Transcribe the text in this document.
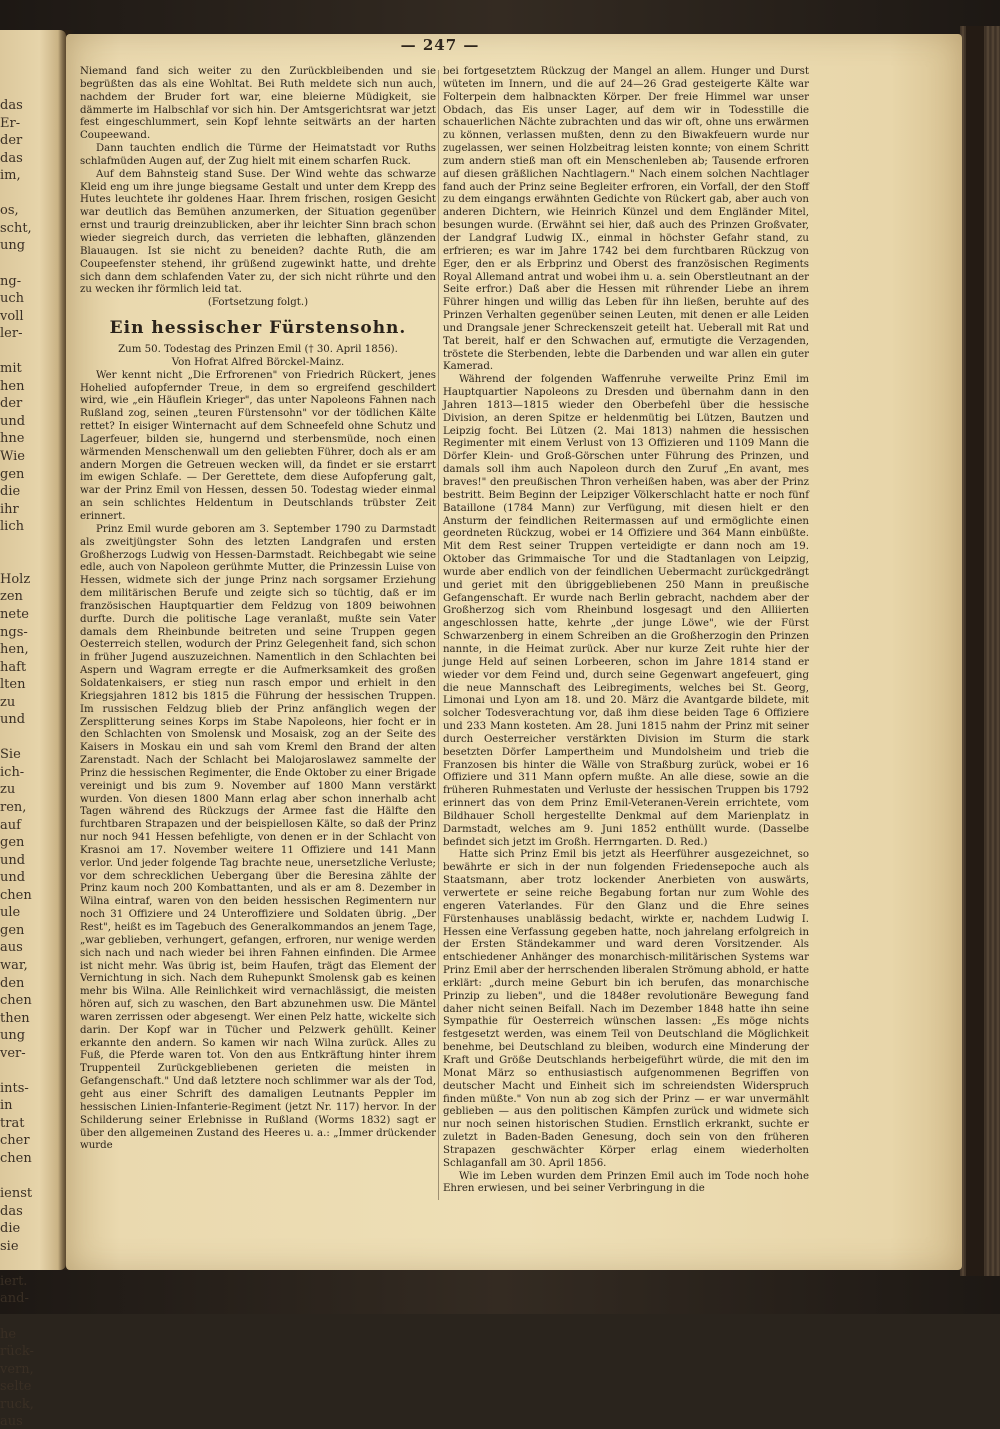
das
Er-
der
das
im,
os,
scht,
ung
ng-
uch
voll
ler-
mit
hen
der
und
hne
Wie
gen
die
ihr
lich
Holz
zen
nete
ngs-
hen,
haft
lten
zu
und
Sie
ich-
zu
ren,
auf
gen
und
und
chen
ule
gen
aus
war,
den
chen
then
ung
ver-
ints-
in
trat
cher
chen
ienst
das
die
sie
iert.
and-
he
rück-
vern,
selte
ruck,
aus
— 247 —

Niemand fand sich weiter zu den Zurückbleibenden und sie begrüßten das als eine Wohltat. Bei Ruth meldete sich nun auch, nachdem der Bruder fort war, eine bleierne Müdigkeit, sie dämmerte im Halbschlaf vor sich hin. Der Amtsgerichtsrat war jetzt fest eingeschlummert, sein Kopf lehnte seitwärts an der harten Coupeewand.

Dann tauchten endlich die Türme der Heimatstadt vor Ruths schlafmüden Augen auf, der Zug hielt mit einem scharfen Ruck.

Auf dem Bahnsteig stand Suse. Der Wind wehte das schwarze Kleid eng um ihre junge biegsame Gestalt und unter dem Krepp des Hutes leuchtete ihr goldenes Haar. Ihrem frischen, rosigen Gesicht war deutlich das Bemühen anzumerken, der Situation gegenüber ernst und traurig dreinzublicken, aber ihr leichter Sinn brach schon wieder siegreich durch, das verrieten die lebhaften, glänzenden Blauaugen. Ist sie nicht zu beneiden? dachte Ruth, die am Coupeefenster stehend, ihr grüßend zugewinkt hatte, und drehte sich dann dem schlafenden Vater zu, der sich nicht rührte und den zu wecken ihr förmlich leid tat.

(Fortsetzung folgt.)

Ein hessischer Fürstensohn.

Zum 50. Todestag des Prinzen Emil († 30. April 1856).

Von Hofrat Alfred Börckel-Mainz.

Wer kennt nicht „Die Erfrorenen" von Friedrich Rückert, jenes Hohelied aufopfernder Treue, in dem so ergreifend geschildert wird, wie „ein Häuflein Krieger", das unter Napoleons Fahnen nach Rußland zog, seinen „teuren Fürstensohn" vor der tödlichen Kälte rettet? In eisiger Winternacht auf dem Schneefeld ohne Schutz und Lagerfeuer, bilden sie, hungernd und sterbensmüde, noch einen wärmenden Menschenwall um den geliebten Führer, doch als er am andern Morgen die Getreuen wecken will, da findet er sie erstarrt im ewigen Schlafe. — Der Gerettete, dem diese Aufopferung galt, war der Prinz Emil von Hessen, dessen 50. Todestag wieder einmal an sein schlichtes Heldentum in Deutschlands trübster Zeit erinnert.

Prinz Emil wurde geboren am 3. September 1790 zu Darmstadt als zweitjüngster Sohn des letzten Landgrafen und ersten Großherzogs Ludwig von Hessen-Darmstadt. Reichbegabt wie seine edle, auch von Napoleon gerühmte Mutter, die Prinzessin Luise von Hessen, widmete sich der junge Prinz nach sorgsamer Erziehung dem militärischen Berufe und zeigte sich so tüchtig, daß er im französischen Hauptquartier dem Feldzug von 1809 beiwohnen durfte. Durch die politische Lage veranlaßt, mußte sein Vater damals dem Rheinbunde beitreten und seine Truppen gegen Oesterreich stellen, wodurch der Prinz Gelegenheit fand, sich schon in früher Jugend auszuzeichnen. Namentlich in den Schlachten bei Aspern und Wagram erregte er die Aufmerksamkeit des großen Soldatenkaisers, er stieg nun rasch empor und erhielt in den Kriegsjahren 1812 bis 1815 die Führung der hessischen Truppen. Im russischen Feldzug blieb der Prinz anfänglich wegen der Zersplitterung seines Korps im Stabe Napoleons, hier focht er in den Schlachten von Smolensk und Mosaisk, zog an der Seite des Kaisers in Moskau ein und sah vom Kreml den Brand der alten Zarenstadt. Nach der Schlacht bei Malojaroslawez sammelte der Prinz die hessischen Regimenter, die Ende Oktober zu einer Brigade vereinigt und bis zum 9. November auf 1800 Mann verstärkt wurden. Von diesen 1800 Mann erlag aber schon innerhalb acht Tagen während des Rückzugs der Armee fast die Hälfte den furchtbaren Strapazen und der beispiellosen Kälte, so daß der Prinz nur noch 941 Hessen befehligte, von denen er in der Schlacht von Krasnoi am 17. November weitere 11 Offiziere und 141 Mann verlor. Und jeder folgende Tag brachte neue, unersetzliche Verluste; vor dem schrecklichen Uebergang über die Beresina zählte der Prinz kaum noch 200 Kombattanten, und als er am 8. Dezember in Wilna eintraf, waren von den beiden hessischen Regimentern nur noch 31 Offiziere und 24 Unteroffiziere und Soldaten übrig. „Der Rest", heißt es im Tagebuch des Generalkommandos an jenem Tage, „war geblieben, verhungert, gefangen, erfroren, nur wenige werden sich nach und nach wieder bei ihren Fahnen einfinden. Die Armee ist nicht mehr. Was übrig ist, beim Haufen, trägt das Element der Vernichtung in sich. Nach dem Ruhepunkt Smolensk gab es keinen mehr bis Wilna. Alle Reinlichkeit wird vernachlässigt, die meisten hören auf, sich zu waschen, den Bart abzunehmen usw. Die Mäntel waren zerrissen oder abgesengt. Wer einen Pelz hatte, wickelte sich darin. Der Kopf war in Tücher und Pelzwerk gehüllt. Keiner erkannte den andern. So kamen wir nach Wilna zurück. Alles zu Fuß, die Pferde waren tot. Von den aus Entkräftung hinter ihrem Truppenteil Zurückgebliebenen gerieten die meisten in Gefangenschaft." Und daß letztere noch schlimmer war als der Tod, geht aus einer Schrift des damaligen Leutnants Peppler im hessischen Linien-Infanterie-Regiment (jetzt Nr. 117) hervor. In der Schilderung seiner Erlebnisse in Rußland (Worms 1832) sagt er über den allgemeinen Zustand des Heeres u. a.: „Immer drückender wurde

bei fortgesetztem Rückzug der Mangel an allem. Hunger und Durst wüteten im Innern, und die auf 24—26 Grad gesteigerte Kälte war Folterpein dem halbnackten Körper. Der freie Himmel war unser Obdach, das Eis unser Lager, auf dem wir in Todesstille die schauerlichen Nächte zubrachten und das wir oft, ohne uns erwärmen zu können, verlassen mußten, denn zu den Biwakfeuern wurde nur zugelassen, wer seinen Holzbeitrag leisten konnte; von einem Schritt zum andern stieß man oft ein Menschenleben ab; Tausende erfroren auf diesen gräßlichen Nachtlagern." Nach einem solchen Nachtlager fand auch der Prinz seine Begleiter erfroren, ein Vorfall, der den Stoff zu dem eingangs erwähnten Gedichte von Rückert gab, aber auch von anderen Dichtern, wie Heinrich Künzel und dem Engländer Mitel, besungen wurde. (Erwähnt sei hier, daß auch des Prinzen Großvater, der Landgraf Ludwig IX., einmal in höchster Gefahr stand, zu erfrieren; es war im Jahre 1742 bei dem furchtbaren Rückzug von Eger, den er als Erbprinz und Oberst des französischen Regiments Royal Allemand antrat und wobei ihm u. a. sein Oberstleutnant an der Seite erfror.) Daß aber die Hessen mit rührender Liebe an ihrem Führer hingen und willig das Leben für ihn ließen, beruhte auf des Prinzen Verhalten gegenüber seinen Leuten, mit denen er alle Leiden und Drangsale jener Schreckenszeit geteilt hat. Ueberall mit Rat und Tat bereit, half er den Schwachen auf, ermutigte die Verzagenden, tröstete die Sterbenden, lebte die Darbenden und war allen ein guter Kamerad.

Während der folgenden Waffenruhe verweilte Prinz Emil im Hauptquartier Napoleons zu Dresden und übernahm dann in den Jahren 1813—1815 wieder den Oberbefehl über die hessische Division, an deren Spitze er heldenmütig bei Lützen, Bautzen und Leipzig focht. Bei Lützen (2. Mai 1813) nahmen die hessischen Regimenter mit einem Verlust von 13 Offizieren und 1109 Mann die Dörfer Klein- und Groß-Görschen unter Führung des Prinzen, und damals soll ihm auch Napoleon durch den Zuruf „En avant, mes braves!" den preußischen Thron verheißen haben, was aber der Prinz bestritt. Beim Beginn der Leipziger Völkerschlacht hatte er noch fünf Bataillone (1784 Mann) zur Verfügung, mit diesen hielt er den Ansturm der feindlichen Reitermassen auf und ermöglichte einen geordneten Rückzug, wobei er 14 Offiziere und 364 Mann einbüßte. Mit dem Rest seiner Truppen verteidigte er dann noch am 19. Oktober das Grimmaische Tor und die Stadtanlagen von Leipzig, wurde aber endlich von der feindlichen Uebermacht zurückgedrängt und geriet mit den übriggebliebenen 250 Mann in preußische Gefangenschaft. Er wurde nach Berlin gebracht, nachdem aber der Großherzog sich vom Rheinbund losgesagt und den Alliierten angeschlossen hatte, kehrte „der junge Löwe", wie der Fürst Schwarzenberg in einem Schreiben an die Großherzogin den Prinzen nannte, in die Heimat zurück. Aber nur kurze Zeit ruhte hier der junge Held auf seinen Lorbeeren, schon im Jahre 1814 stand er wieder vor dem Feind und, durch seine Gegenwart angefeuert, ging die neue Mannschaft des Leibregiments, welches bei St. Georg, Limonai und Lyon am 18. und 20. März die Avantgarde bildete, mit solcher Todesverachtung vor, daß ihm diese beiden Tage 6 Offiziere und 233 Mann kosteten. Am 28. Juni 1815 nahm der Prinz mit seiner durch Oesterreicher verstärkten Division im Sturm die stark besetzten Dörfer Lampertheim und Mundolsheim und trieb die Franzosen bis hinter die Wälle von Straßburg zurück, wobei er 16 Offiziere und 311 Mann opfern mußte. An alle diese, sowie an die früheren Ruhmestaten und Verluste der hessischen Truppen bis 1792 erinnert das von dem Prinz Emil-Veteranen-Verein errichtete, vom Bildhauer Scholl hergestellte Denkmal auf dem Marienplatz in Darmstadt, welches am 9. Juni 1852 enthüllt wurde. (Dasselbe befindet sich jetzt im Großh. Herrngarten. D. Red.)

Hatte sich Prinz Emil bis jetzt als Heerführer ausgezeichnet, so bewährte er sich in der nun folgenden Friedensepoche auch als Staatsmann, aber trotz lockender Anerbieten von auswärts, verwertete er seine reiche Begabung fortan nur zum Wohle des engeren Vaterlandes. Für den Glanz und die Ehre seines Fürstenhauses unablässig bedacht, wirkte er, nachdem Ludwig I. Hessen eine Verfassung gegeben hatte, noch jahrelang erfolgreich in der Ersten Ständekammer und ward deren Vorsitzender. Als entschiedener Anhänger des monarchisch-militärischen Systems war Prinz Emil aber der herrschenden liberalen Strömung abhold, er hatte erklärt: „durch meine Geburt bin ich berufen, das monarchische Prinzip zu lieben", und die 1848er revolutionäre Bewegung fand daher nicht seinen Beifall. Nach im Dezember 1848 hatte ihn seine Sympathie für Oesterreich wünschen lassen: „Es möge nichts festgesetzt werden, was einem Teil von Deutschland die Möglichkeit benehme, bei Deutschland zu bleiben, wodurch eine Minderung der Kraft und Größe Deutschlands herbeigeführt würde, die mit den im Monat März so enthusiastisch aufgenommenen Begriffen von deutscher Macht und Einheit sich im schreiendsten Widerspruch finden müßte." Von nun ab zog sich der Prinz — er war unvermählt geblieben — aus den politischen Kämpfen zurück und widmete sich nur noch seinen historischen Studien. Ernstlich erkrankt, suchte er zuletzt in Baden-Baden Genesung, doch sein von den früheren Strapazen geschwächter Körper erlag einem wiederholten Schlaganfall am 30. April 1856.

Wie im Leben wurden dem Prinzen Emil auch im Tode noch hohe Ehren erwiesen, und bei seiner Verbringung in die
